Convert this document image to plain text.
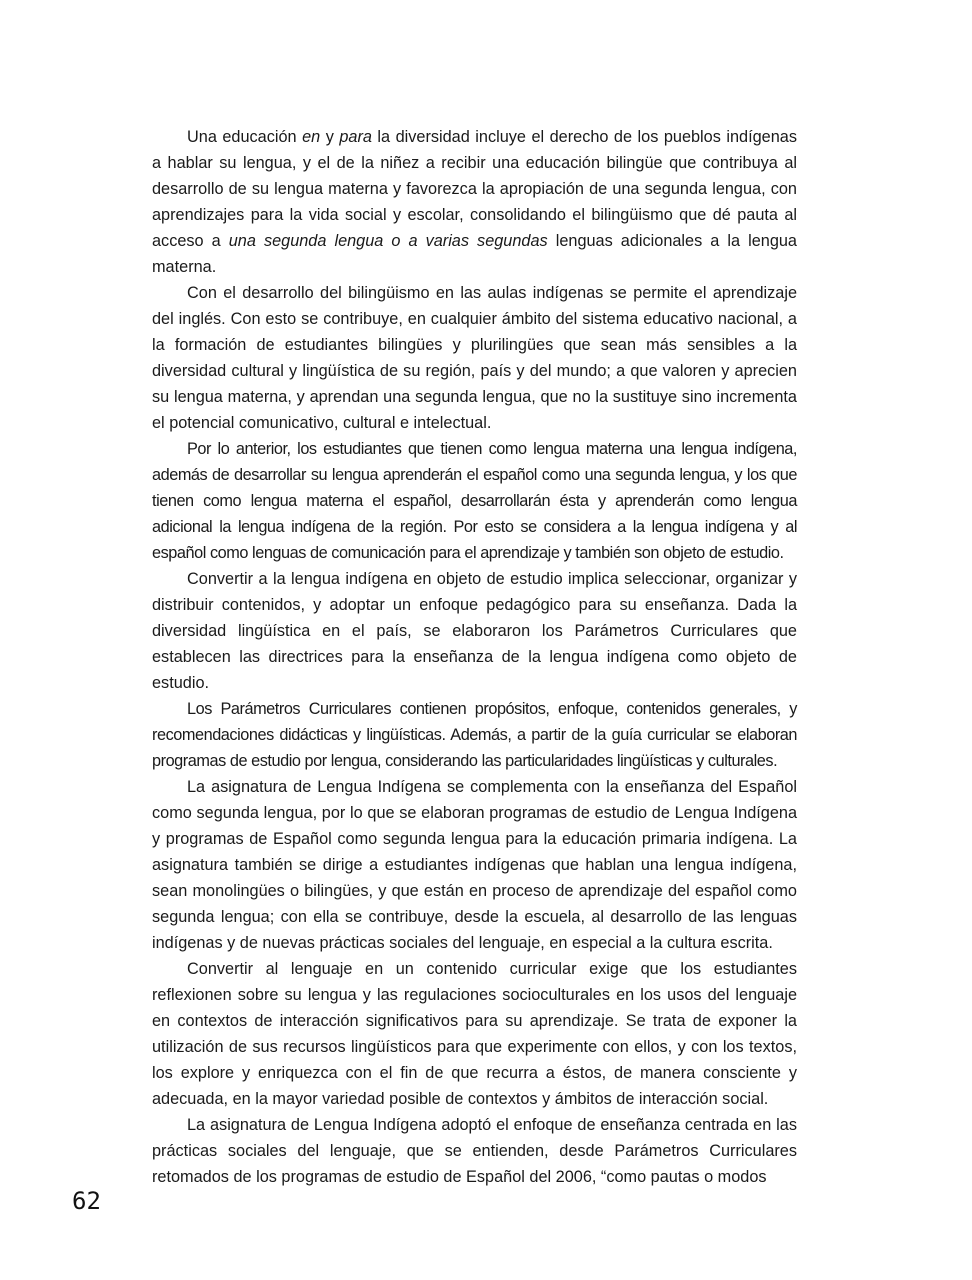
Una educación en y para la diversidad incluye el derecho de los pueblos indígenas a hablar su lengua, y el de la niñez a recibir una educación bilingüe que contribuya al desarrollo de su lengua materna y favorezca la apropiación de una segunda lengua, con aprendizajes para la vida social y escolar, consolidando el bilingüismo que dé pauta al acceso a una segunda lengua o a varias segundas lenguas adicionales a la lengua materna.

Con el desarrollo del bilingüismo en las aulas indígenas se permite el aprendizaje del inglés. Con esto se contribuye, en cualquier ámbito del sistema educativo nacional, a la formación de estudiantes bilingües y plurilingües que sean más sensibles a la diversidad cultural y lingüística de su región, país y del mundo; a que valoren y aprecien su lengua materna, y aprendan una segunda lengua, que no la sustituye sino incrementa el potencial comunicativo, cultural e intelectual.

Por lo anterior, los estudiantes que tienen como lengua materna una lengua indígena, además de desarrollar su lengua aprenderán el español como una segunda lengua, y los que tienen como lengua materna el español, desarrollarán ésta y aprenderán como lengua adicional la lengua indígena de la región. Por esto se considera a la lengua indígena y al español como lenguas de comunicación para el aprendizaje y también son objeto de estudio.

Convertir a la lengua indígena en objeto de estudio implica seleccionar, organizar y distribuir contenidos, y adoptar un enfoque pedagógico para su enseñanza. Dada la diversidad lingüística en el país, se elaboraron los Parámetros Curriculares que establecen las directrices para la enseñanza de la lengua indígena como objeto de estudio.

Los Parámetros Curriculares contienen propósitos, enfoque, contenidos generales, y recomendaciones didácticas y lingüísticas. Además, a partir de la guía curricular se elaboran programas de estudio por lengua, considerando las particularidades lingüísticas y culturales.

La asignatura de Lengua Indígena se complementa con la enseñanza del Español como segunda lengua, por lo que se elaboran programas de estudio de Lengua Indígena y programas de Español como segunda lengua para la educación primaria indígena. La asignatura también se dirige a estudiantes indígenas que hablan una lengua indígena, sean monolingües o bilingües, y que están en proceso de aprendizaje del español como segunda lengua; con ella se contribuye, desde la escuela, al desarrollo de las lenguas indígenas y de nuevas prácticas sociales del lenguaje, en especial a la cultura escrita.

Convertir al lenguaje en un contenido curricular exige que los estudiantes reflexionen sobre su lengua y las regulaciones socioculturales en los usos del lenguaje en contextos de interacción significativos para su aprendizaje. Se trata de exponer la utilización de sus recursos lingüísticos para que experimente con ellos, y con los textos, los explore y enriquezca con el fin de que recurra a éstos, de manera consciente y adecuada, en la mayor variedad posible de contextos y ámbitos de interacción social.

La asignatura de Lengua Indígena adoptó el enfoque de enseñanza centrada en las prácticas sociales del lenguaje, que se entienden, desde Parámetros Curriculares retomados de los programas de estudio de Español del 2006, “como pautas o modos

62
